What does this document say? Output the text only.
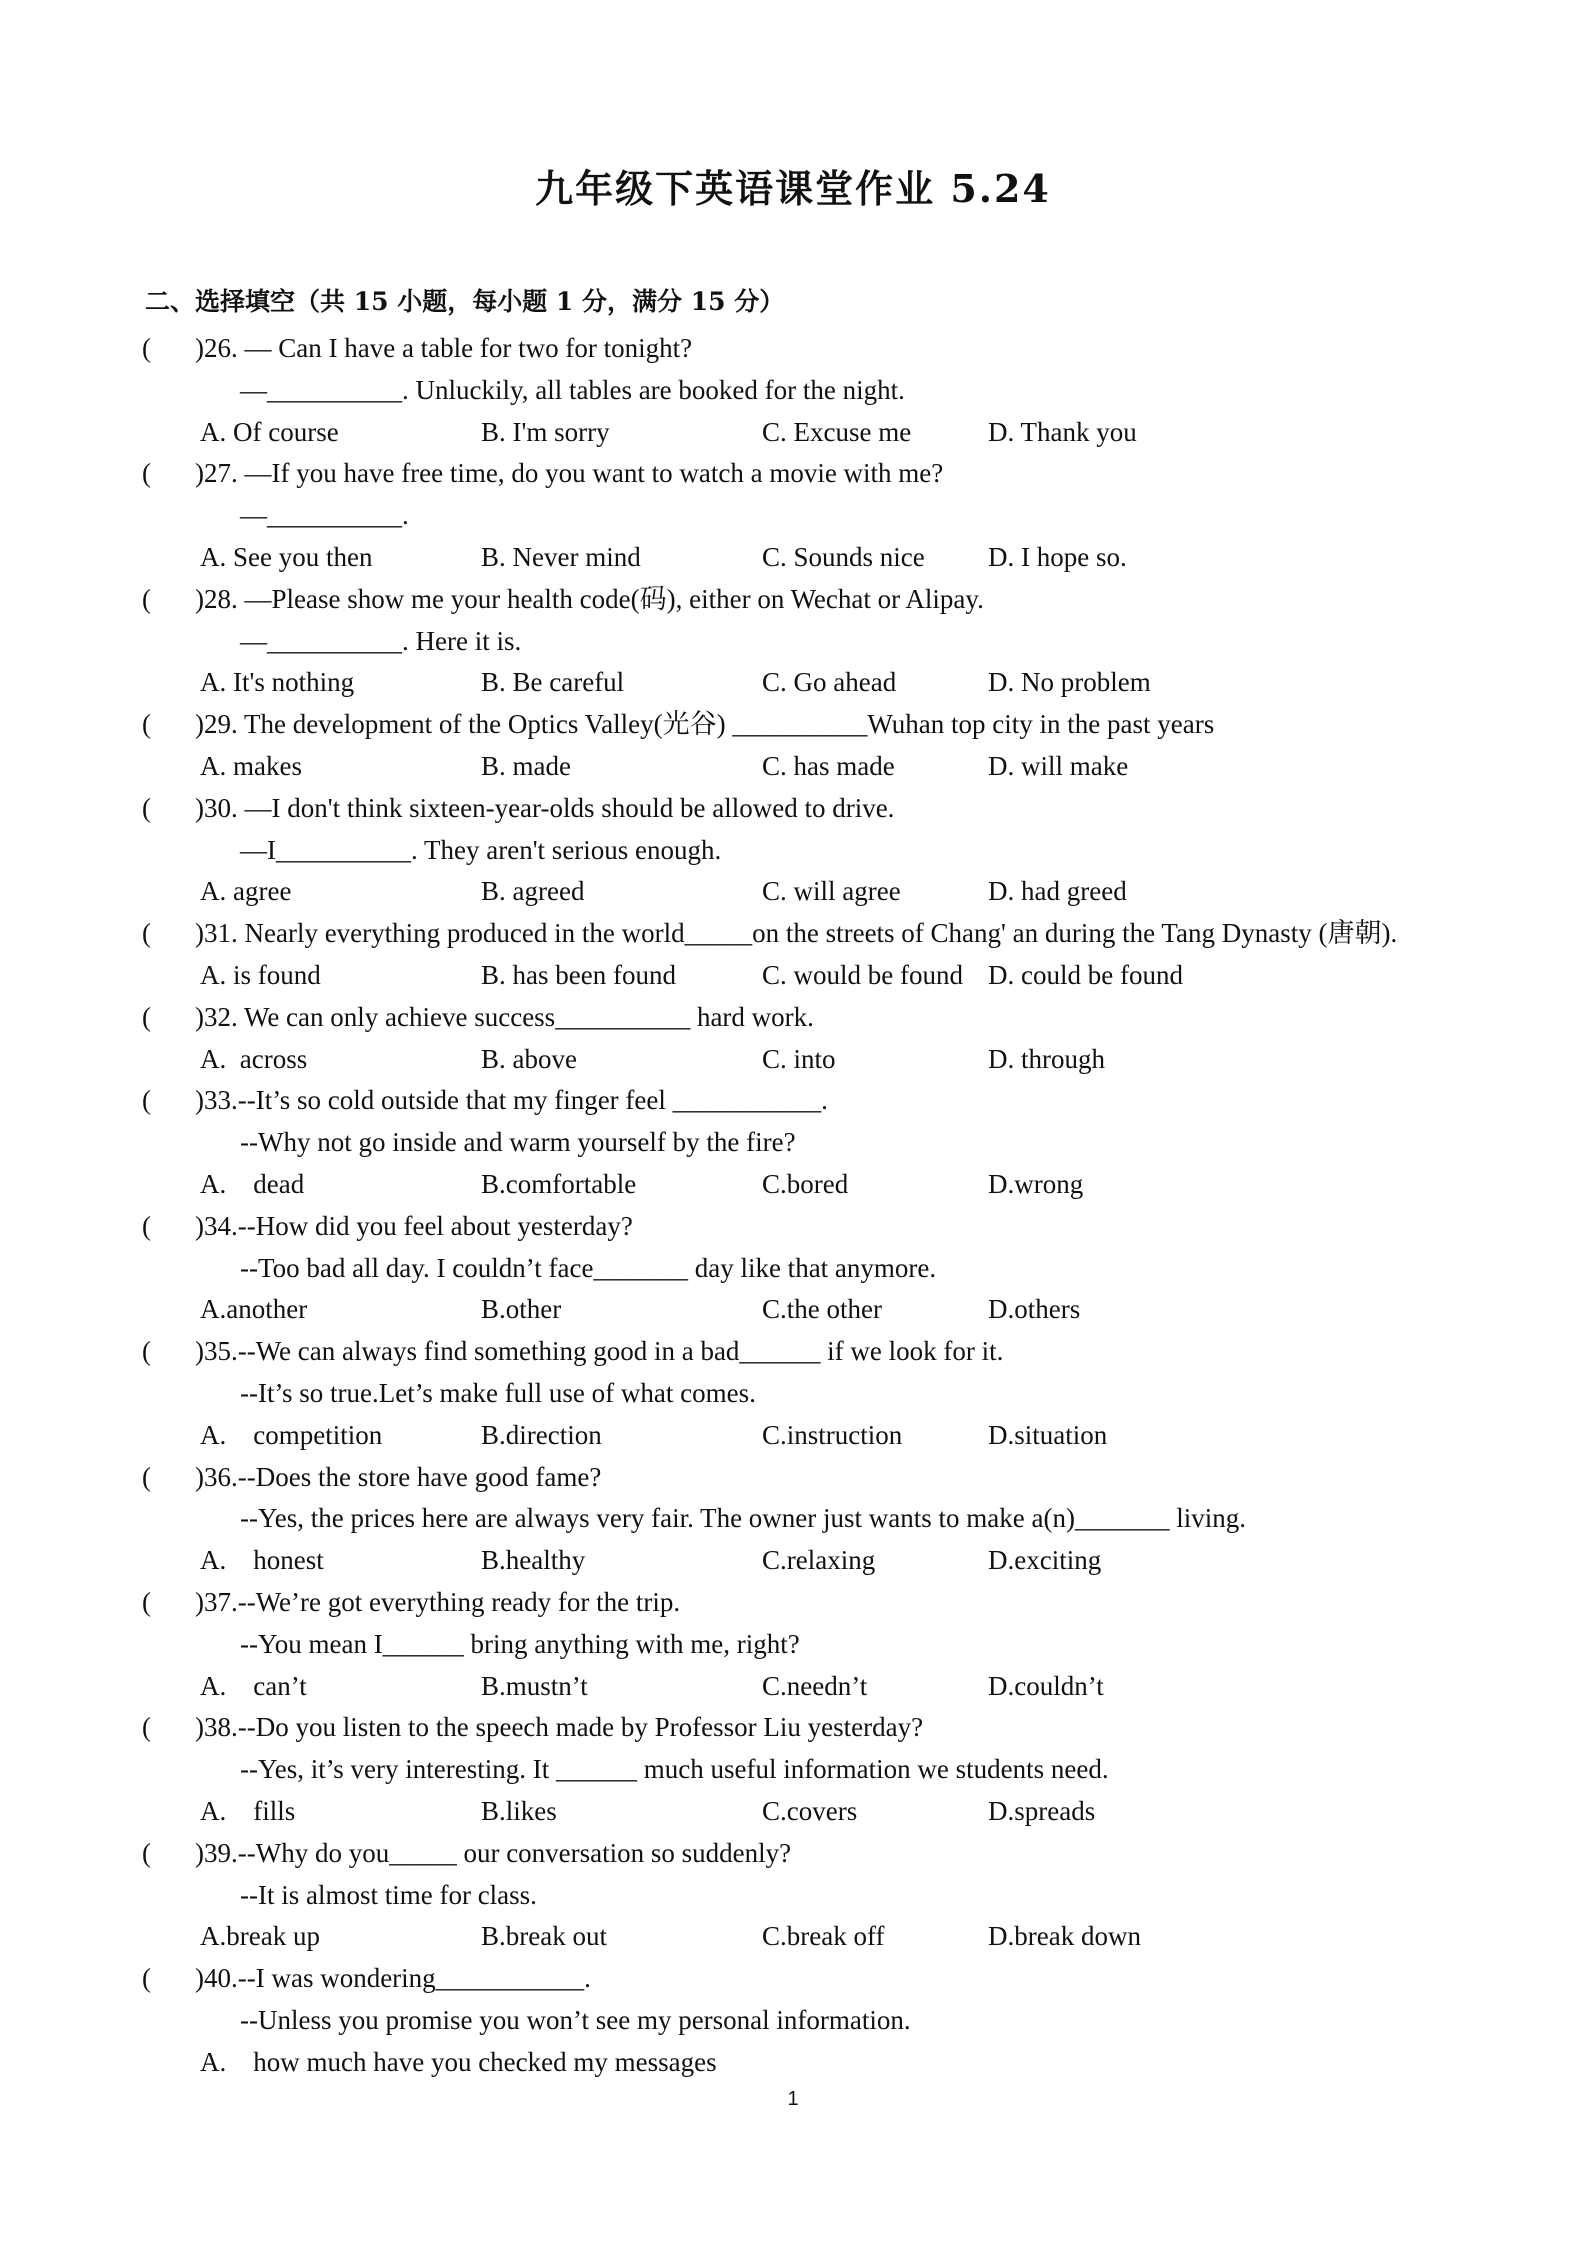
九年级下英语课堂作业 5.24
二、选择填空（共 15 小题，每小题 1 分，满分 15 分）
( )26. — Can I have a table for two for tonight?
—__________. Unluckily, all tables are booked for the night.
A. Of course	B. I'm sorry	C. Excuse me	D. Thank you
( )27. —If you have free time, do you want to watch a movie with me?
—__________.
A. See you then	B. Never mind	C. Sounds nice D. I hope so.
( )28. —Please show me your health code(码), either on Wechat or Alipay.
—__________. Here it is.
A. It's nothing	B. Be careful	C. Go ahead	D. No problem
( )29. The development of the Optics Valley(光谷) __________Wuhan top city in the past years
A. makes	B. made	C. has made	D. will make
( )30. —I don't think sixteen-year-olds should be allowed to drive.
—I__________. They aren't serious enough.
A. agree	B. agreed	C. will agree	D. had greed
( )31. Nearly everything produced in the world_____on the streets of Chang' an during the Tang Dynasty (唐朝).
A. is found	B. has been found	C. would be found D. could be found
( )32. We can only achieve success__________ hard work.
A.  across	B. above	C. into	D. through
( )33.--It’s so cold outside that my finger feel ___________.
--Why not go inside and warm yourself by the fire?
A.    dead	B.comfortable	C.bored	D.wrong
( )34.--How did you feel about yesterday?
--Too bad all day. I couldn’t face_______ day like that anymore.
A.another	B.other	C.the other	D.others
( )35.--We can always find something good in a bad______ if we look for it.
--It’s so true.Let’s make full use of what comes.
A.    competition	B.direction	C.instruction	D.situation
( )36.--Does the store have good fame?
--Yes, the prices here are always very fair. The owner just wants to make a(n)_______ living.
A.    honest	B.healthy	C.relaxing	D.exciting
( )37.--We’re got everything ready for the trip.
--You mean I______ bring anything with me, right?
A.    can’t	B.mustn’t	C.needn’t	D.couldn’t
( )38.--Do you listen to the speech made by Professor Liu yesterday?
--Yes, it’s very interesting. It ______ much useful information we students need.
A.    fills	B.likes	C.covers	D.spreads
( )39.--Why do you_____ our conversation so suddenly?
--It is almost time for class.
A.break up	B.break out	C.break off	D.break down
( )40.--I was wondering___________.
--Unless you promise you won’t see my personal information.
A.    how much have you checked my messages
1
